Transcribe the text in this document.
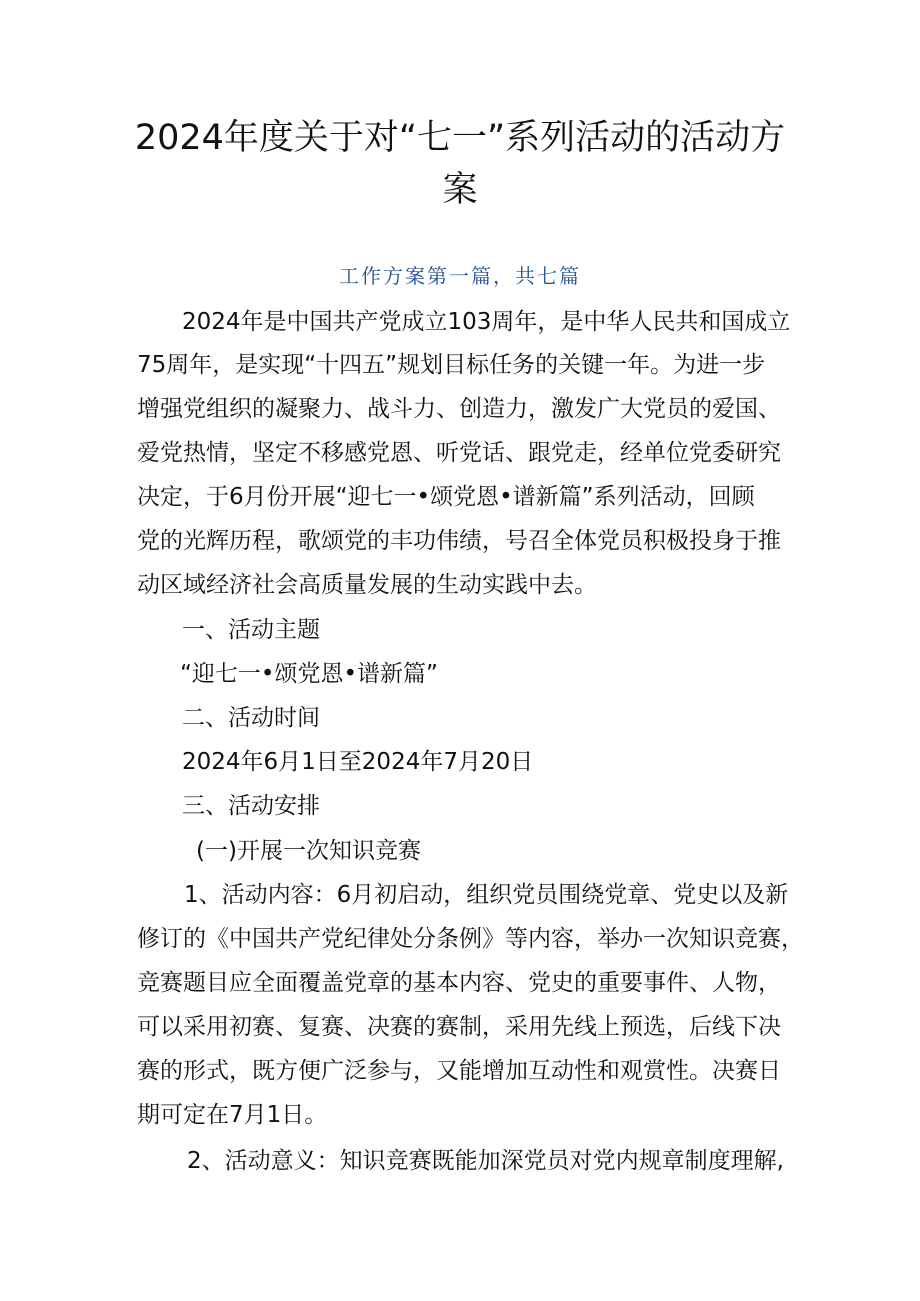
2024年度关于对“七一”系列活动的活动方
案
工作方案第一篇，共七篇
2024年是中国共产党成立103周年，是中华人民共和国成立
75周年，是实现“十四五”规划目标任务的关键一年。为进一步
增强党组织的凝聚力、战斗力、创造力，激发广大党员的爱国、
爱党热情，坚定不移感党恩、听党话、跟党走，经单位党委研究
决定，于6月份开展“迎七一•颂党恩•谱新篇”系列活动，回顾
党的光辉历程，歌颂党的丰功伟绩，号召全体党员积极投身于推
动区域经济社会高质量发展的生动实践中去。
一、活动主题
“迎七一•颂党恩•谱新篇”
二、活动时间
2024年6月1日至2024年7月20日
三、活动安排
(一)开展一次知识竞赛
1、活动内容：6月初启动，组织党员围绕党章、党史以及新
修订的《中国共产党纪律处分条例》等内容，举办一次知识竞赛，
竞赛题目应全面覆盖党章的基本内容、党史的重要事件、人物，
可以采用初赛、复赛、决赛的赛制，采用先线上预选，后线下决
赛的形式，既方便广泛参与，又能增加互动性和观赏性。决赛日
期可定在7月1日。
2、活动意义：知识竞赛既能加深党员对党内规章制度理解,
